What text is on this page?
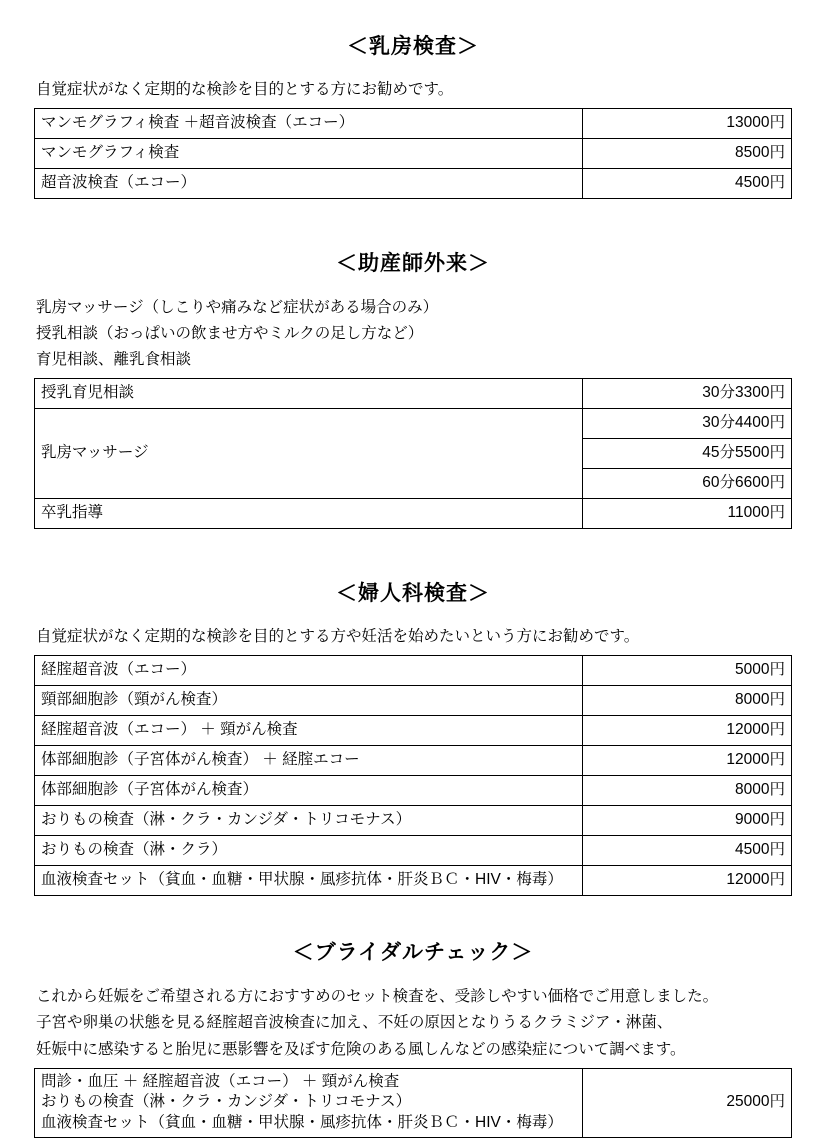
＜乳房検査＞
自覚症状がなく定期的な検診を目的とする方にお勧めです。
マンモグラフィ検査 ＋超音波検査（エコー）	13000円
マンモグラフィ検査	8500円
超音波検査（エコー）	4500円
＜助産師外来＞
乳房マッサージ（しこりや痛みなど症状がある場合のみ）
授乳相談（おっぱいの飲ませ方やミルクの足し方など）
育児相談、離乳食相談
授乳育児相談	30分3300円
乳房マッサージ	30分4400円
	45分5500円
	60分6600円
卒乳指導	11000円
＜婦人科検査＞
自覚症状がなく定期的な検診を目的とする方や妊活を始めたいという方にお勧めです。
経腟超音波（エコー）	5000円
頸部細胞診（頸がん検査）	8000円
経腟超音波（エコー） ＋ 頸がん検査	12000円
体部細胞診（子宮体がん検査） ＋ 経腟エコー	12000円
体部細胞診（子宮体がん検査）	8000円
おりもの検査（淋・クラ・カンジダ・トリコモナス）	9000円
おりもの検査（淋・クラ）	4500円
血液検査セット（貧血・血糖・甲状腺・風疹抗体・肝炎ＢＣ・HIV・梅毒）	12000円
＜ブライダルチェック＞
これから妊娠をご希望される方におすすめのセット検査を、受診しやすい価格でご用意しました。
子宮や卵巣の状態を見る経腟超音波検査に加え、不妊の原因となりうるクラミジア・淋菌、
妊娠中に感染すると胎児に悪影響を及ぼす危険のある風しんなどの感染症について調べます。
問診・血圧 ＋ 経腟超音波（エコー） ＋ 頸がん検査
おりもの検査（淋・クラ・カンジダ・トリコモナス）
血液検査セット（貧血・血糖・甲状腺・風疹抗体・肝炎ＢＣ・HIV・梅毒）
	25000円
